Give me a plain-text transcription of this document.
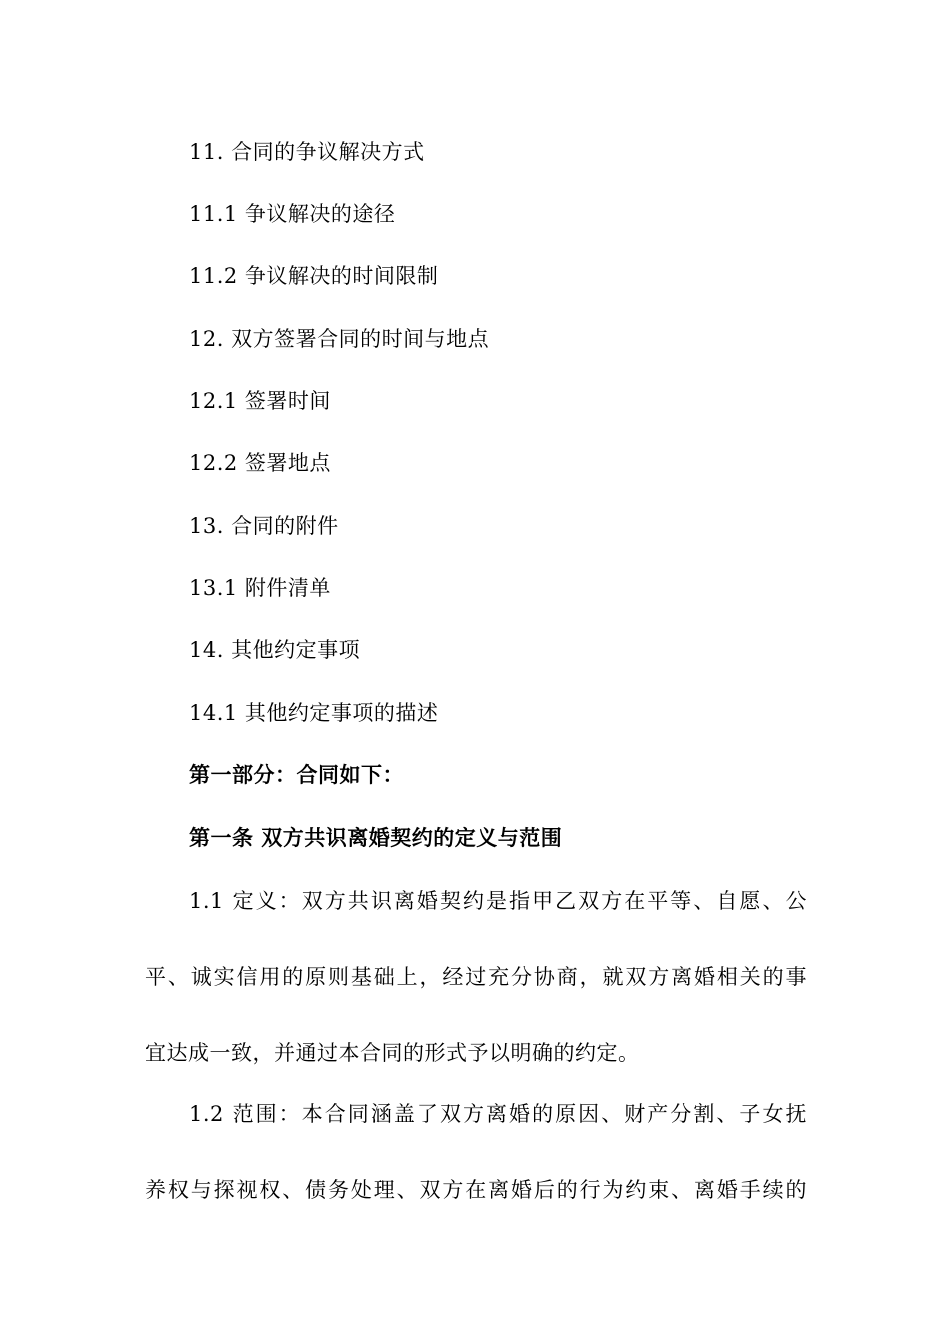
11. 合同的争议解决方式
11.1 争议解决的途径
11.2 争议解决的时间限制
12. 双方签署合同的时间与地点
12.1 签署时间
12.2 签署地点
13. 合同的附件
13.1 附件清单
14. 其他约定事项
14.1 其他约定事项的描述
第一部分：合同如下：
第一条 双方共识离婚契约的定义与范围
1.1 定义：双方共识离婚契约是指甲乙双方在平等、自愿、公
平、诚实信用的原则基础上，经过充分协商，就双方离婚相关的事
宜达成一致，并通过本合同的形式予以明确的约定。
1.2 范围：本合同涵盖了双方离婚的原因、财产分割、子女抚
养权与探视权、债务处理、双方在离婚后的行为约束、离婚手续的
